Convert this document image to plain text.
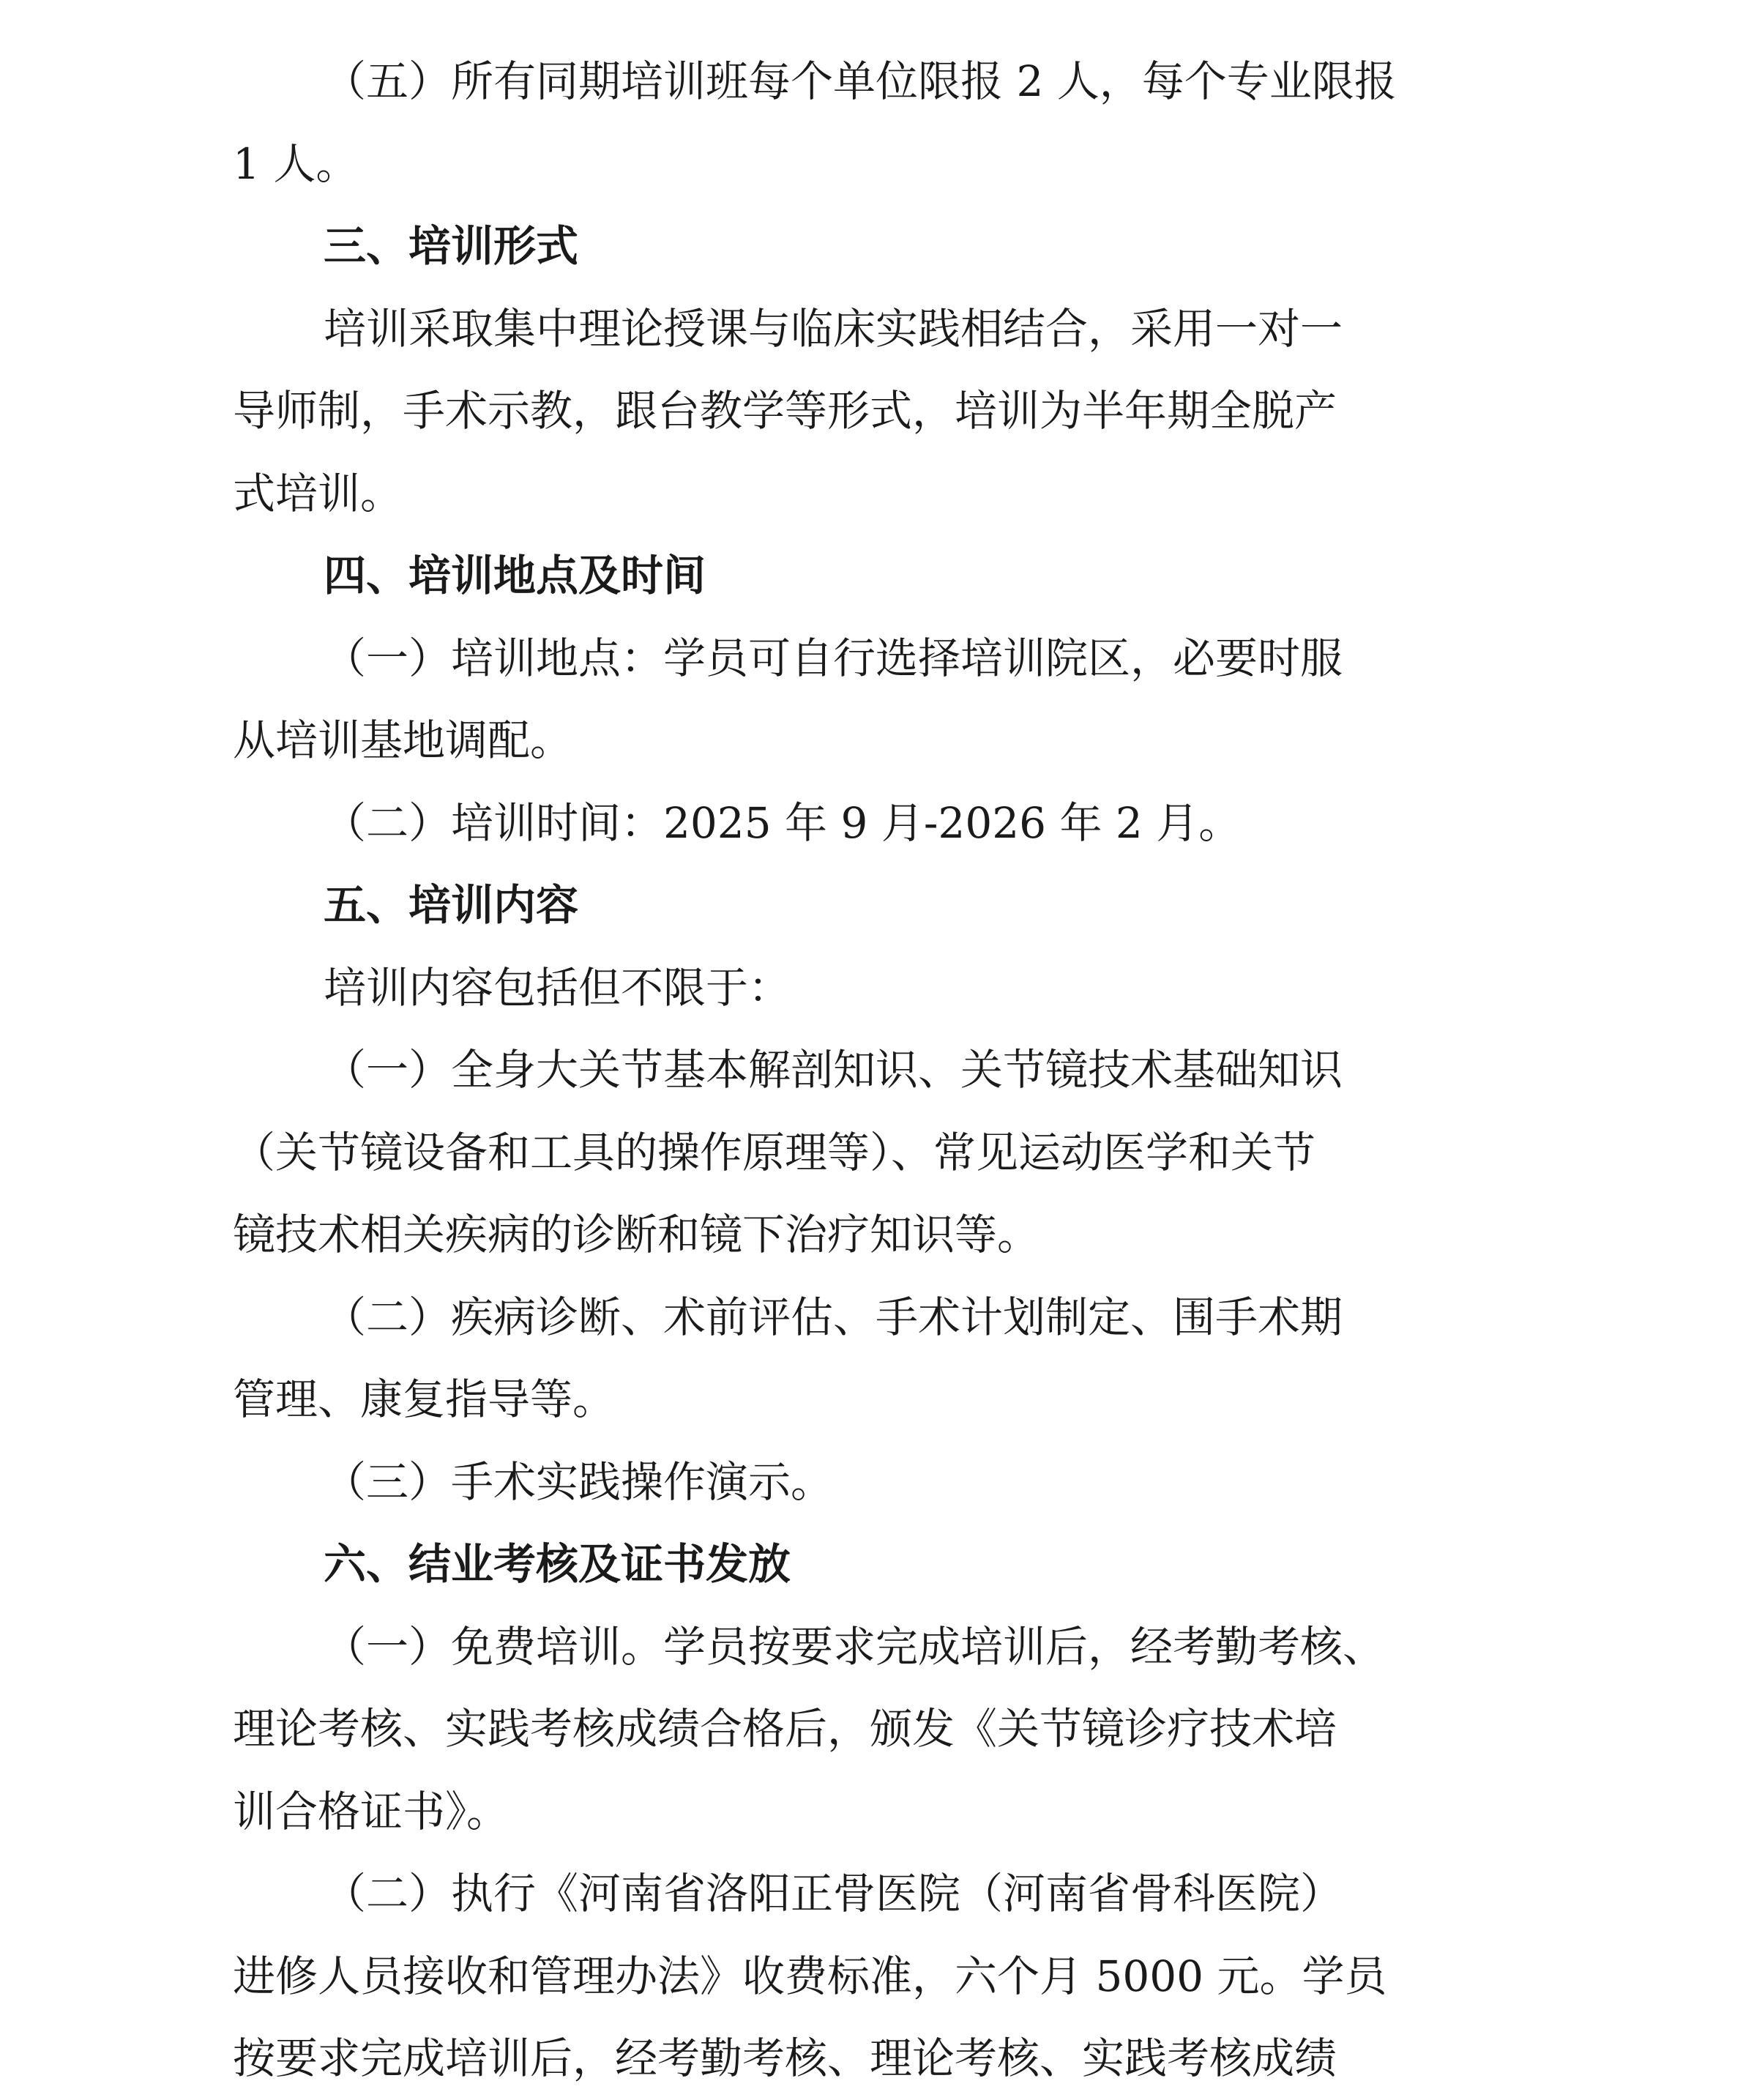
（五）所有同期培训班每个单位限报 2 人，每个专业限报
1 人。
三、培训形式
培训采取集中理论授课与临床实践相结合，采用一对一
导师制，手术示教，跟台教学等形式，培训为半年期全脱产
式培训。
四、培训地点及时间
（一）培训地点：学员可自行选择培训院区，必要时服
从培训基地调配。
（二）培训时间：2025 年 9 月-2026 年 2 月。
五、培训内容
培训内容包括但不限于：
（一）全身大关节基本解剖知识、关节镜技术基础知识
（关节镜设备和工具的操作原理等）、常见运动医学和关节
镜技术相关疾病的诊断和镜下治疗知识等。
（二）疾病诊断、术前评估、手术计划制定、围手术期
管理、康复指导等。
（三）手术实践操作演示。
六、结业考核及证书发放
（一）免费培训。学员按要求完成培训后，经考勤考核、
理论考核、实践考核成绩合格后，颁发《关节镜诊疗技术培
训合格证书》。
（二）执行《河南省洛阳正骨医院（河南省骨科医院）
进修人员接收和管理办法》收费标准，六个月 5000 元。学员
按要求完成培训后，经考勤考核、理论考核、实践考核成绩
